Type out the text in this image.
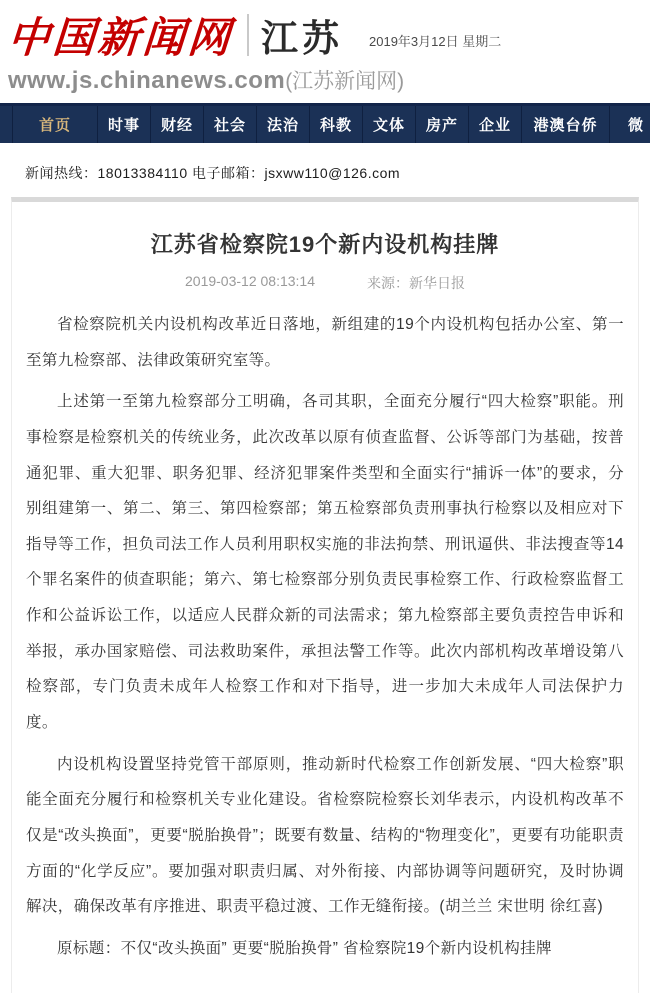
中国新闻网 江苏 2019年3月12日 星期二
www.js.chinanews.com (江苏新闻网)
首页	时事	财经	社会	法治	科教	文体	房产	企业	港澳台侨	微
新闻热线：18013384110 电子邮箱：jsxww110@126.com
江苏省检察院19个新内设机构挂牌
2019-03-12 08:13:14	来源：新华日报

省检察院机关内设机构改革近日落地，新组建的19个内设机构包括办公室、第一至第九检察部、法律政策研究室等。

上述第一至第九检察部分工明确，各司其职，全面充分履行“四大检察”职能。刑事检察是检察机关的传统业务，此次改革以原有侦查监督、公诉等部门为基础，按普通犯罪、重大犯罪、职务犯罪、经济犯罪案件类型和全面实行“捕诉一体”的要求，分别组建第一、第二、第三、第四检察部；第五检察部负责刑事执行检察以及相应对下指导等工作，担负司法工作人员利用职权实施的非法拘禁、刑讯逼供、非法搜查等14个罪名案件的侦查职能；第六、第七检察部分别负责民事检察工作、行政检察监督工作和公益诉讼工作，以适应人民群众新的司法需求；第九检察部主要负责控告申诉和举报，承办国家赔偿、司法救助案件，承担法警工作等。此次内部机构改革增设第八检察部，专门负责未成年人检察工作和对下指导，进一步加大未成年人司法保护力度。

内设机构设置坚持党管干部原则，推动新时代检察工作创新发展、“四大检察”职能全面充分履行和检察机关专业化建设。省检察院检察长刘华表示，内设机构改革不仅是“改头换面”，更要“脱胎换骨”；既要有数量、结构的“物理变化”，更要有功能职责方面的“化学反应”。要加强对职责归属、对外衔接、内部协调等问题研究，及时协调解决，确保改革有序推进、职责平稳过渡、工作无缝衔接。(胡兰兰 宋世明 徐红喜)

原标题：不仅“改头换面” 更要“脱胎换骨” 省检察院19个新内设机构挂牌
